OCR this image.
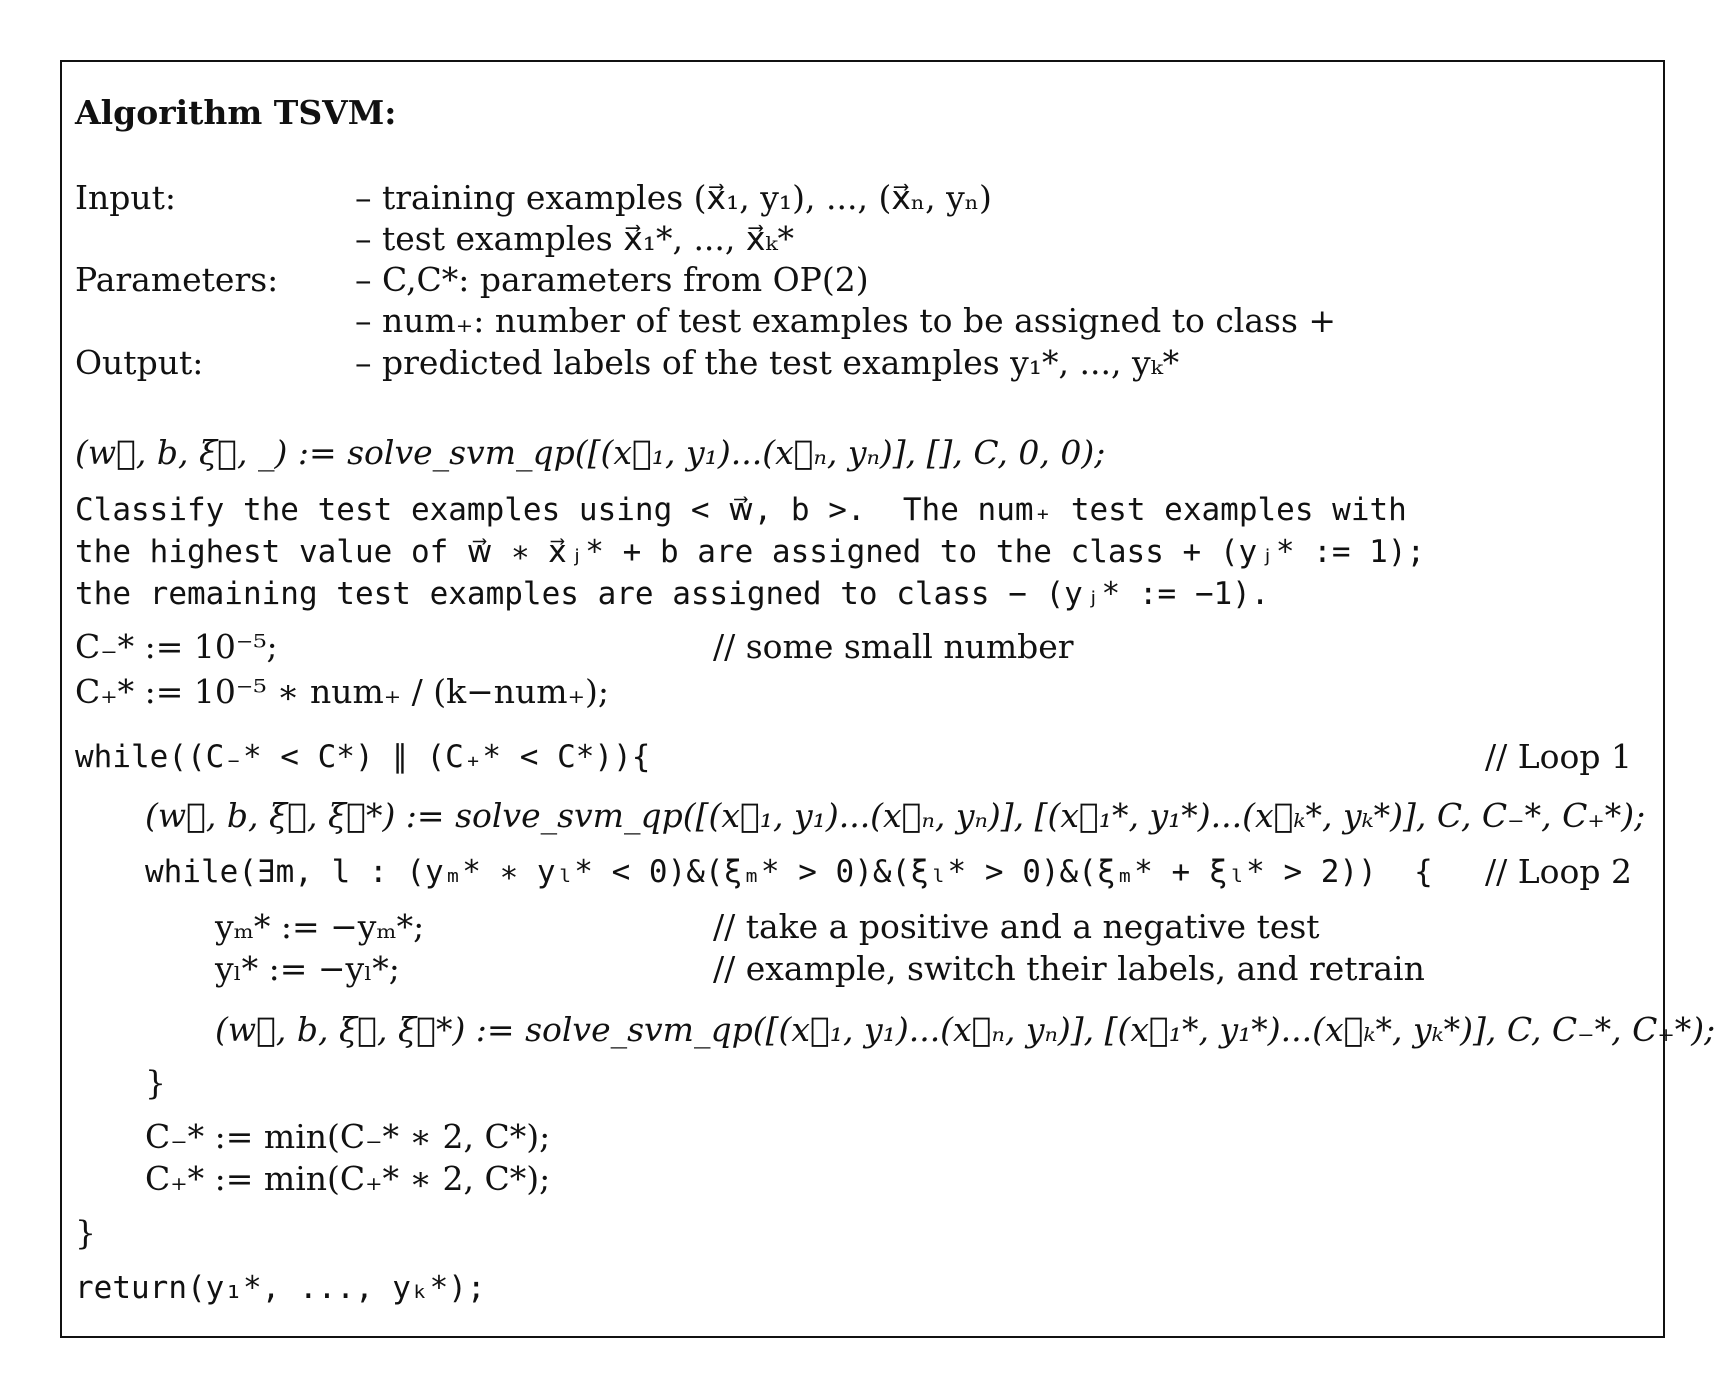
Algorithm TSVM:
Input:	– training examples (x⃗₁, y₁), ..., (x⃗ₙ, yₙ)
– test examples x⃗₁*, ..., x⃗ₖ*
Parameters: – C,C*: parameters from OP(2)
– num₊: number of test examples to be assigned to class +
Output:	– predicted labels of the test examples y₁*, ..., yₖ*
(w⃗, b, ξ⃗, _) := solve_svm_qp([(x⃗₁, y₁)...(x⃗ₙ, yₙ)], [], C, 0, 0);
Classify the test examples using < w⃗, b >.  The num₊ test examples with
the highest value of w⃗ ∗ x⃗ⱼ* + b are assigned to the class + (yⱼ* := 1);
the remaining test examples are assigned to class − (yⱼ* := −1).
C₋* := 10⁻⁵;	// some small number
C₊* := 10⁻⁵ ∗ num₊ / (k−num₊);
while((C₋* < C*) ∥ (C₊* < C*)){	// Loop 1
(w⃗, b, ξ⃗, ξ⃗*) := solve_svm_qp([(x⃗₁, y₁)...(x⃗ₙ, yₙ)], [(x⃗₁*, y₁*)...(x⃗ₖ*, yₖ*)], C, C₋*, C₊*);
while(∃m, l : (yₘ* ∗ yₗ* < 0)&(ξₘ* > 0)&(ξₗ* > 0)&(ξₘ* + ξₗ* > 2))  { // Loop 2
yₘ* := −yₘ*;	// take a positive and a negative test
yₗ* := −yₗ*;	// example, switch their labels, and retrain
(w⃗, b, ξ⃗, ξ⃗*) := solve_svm_qp([(x⃗₁, y₁)...(x⃗ₙ, yₙ)], [(x⃗₁*, y₁*)...(x⃗ₖ*, yₖ*)], C, C₋*, C₊*);
}
C₋* := min(C₋* ∗ 2, C*);
C₊* := min(C₊* ∗ 2, C*);
}
return(y₁*, ..., yₖ*);
